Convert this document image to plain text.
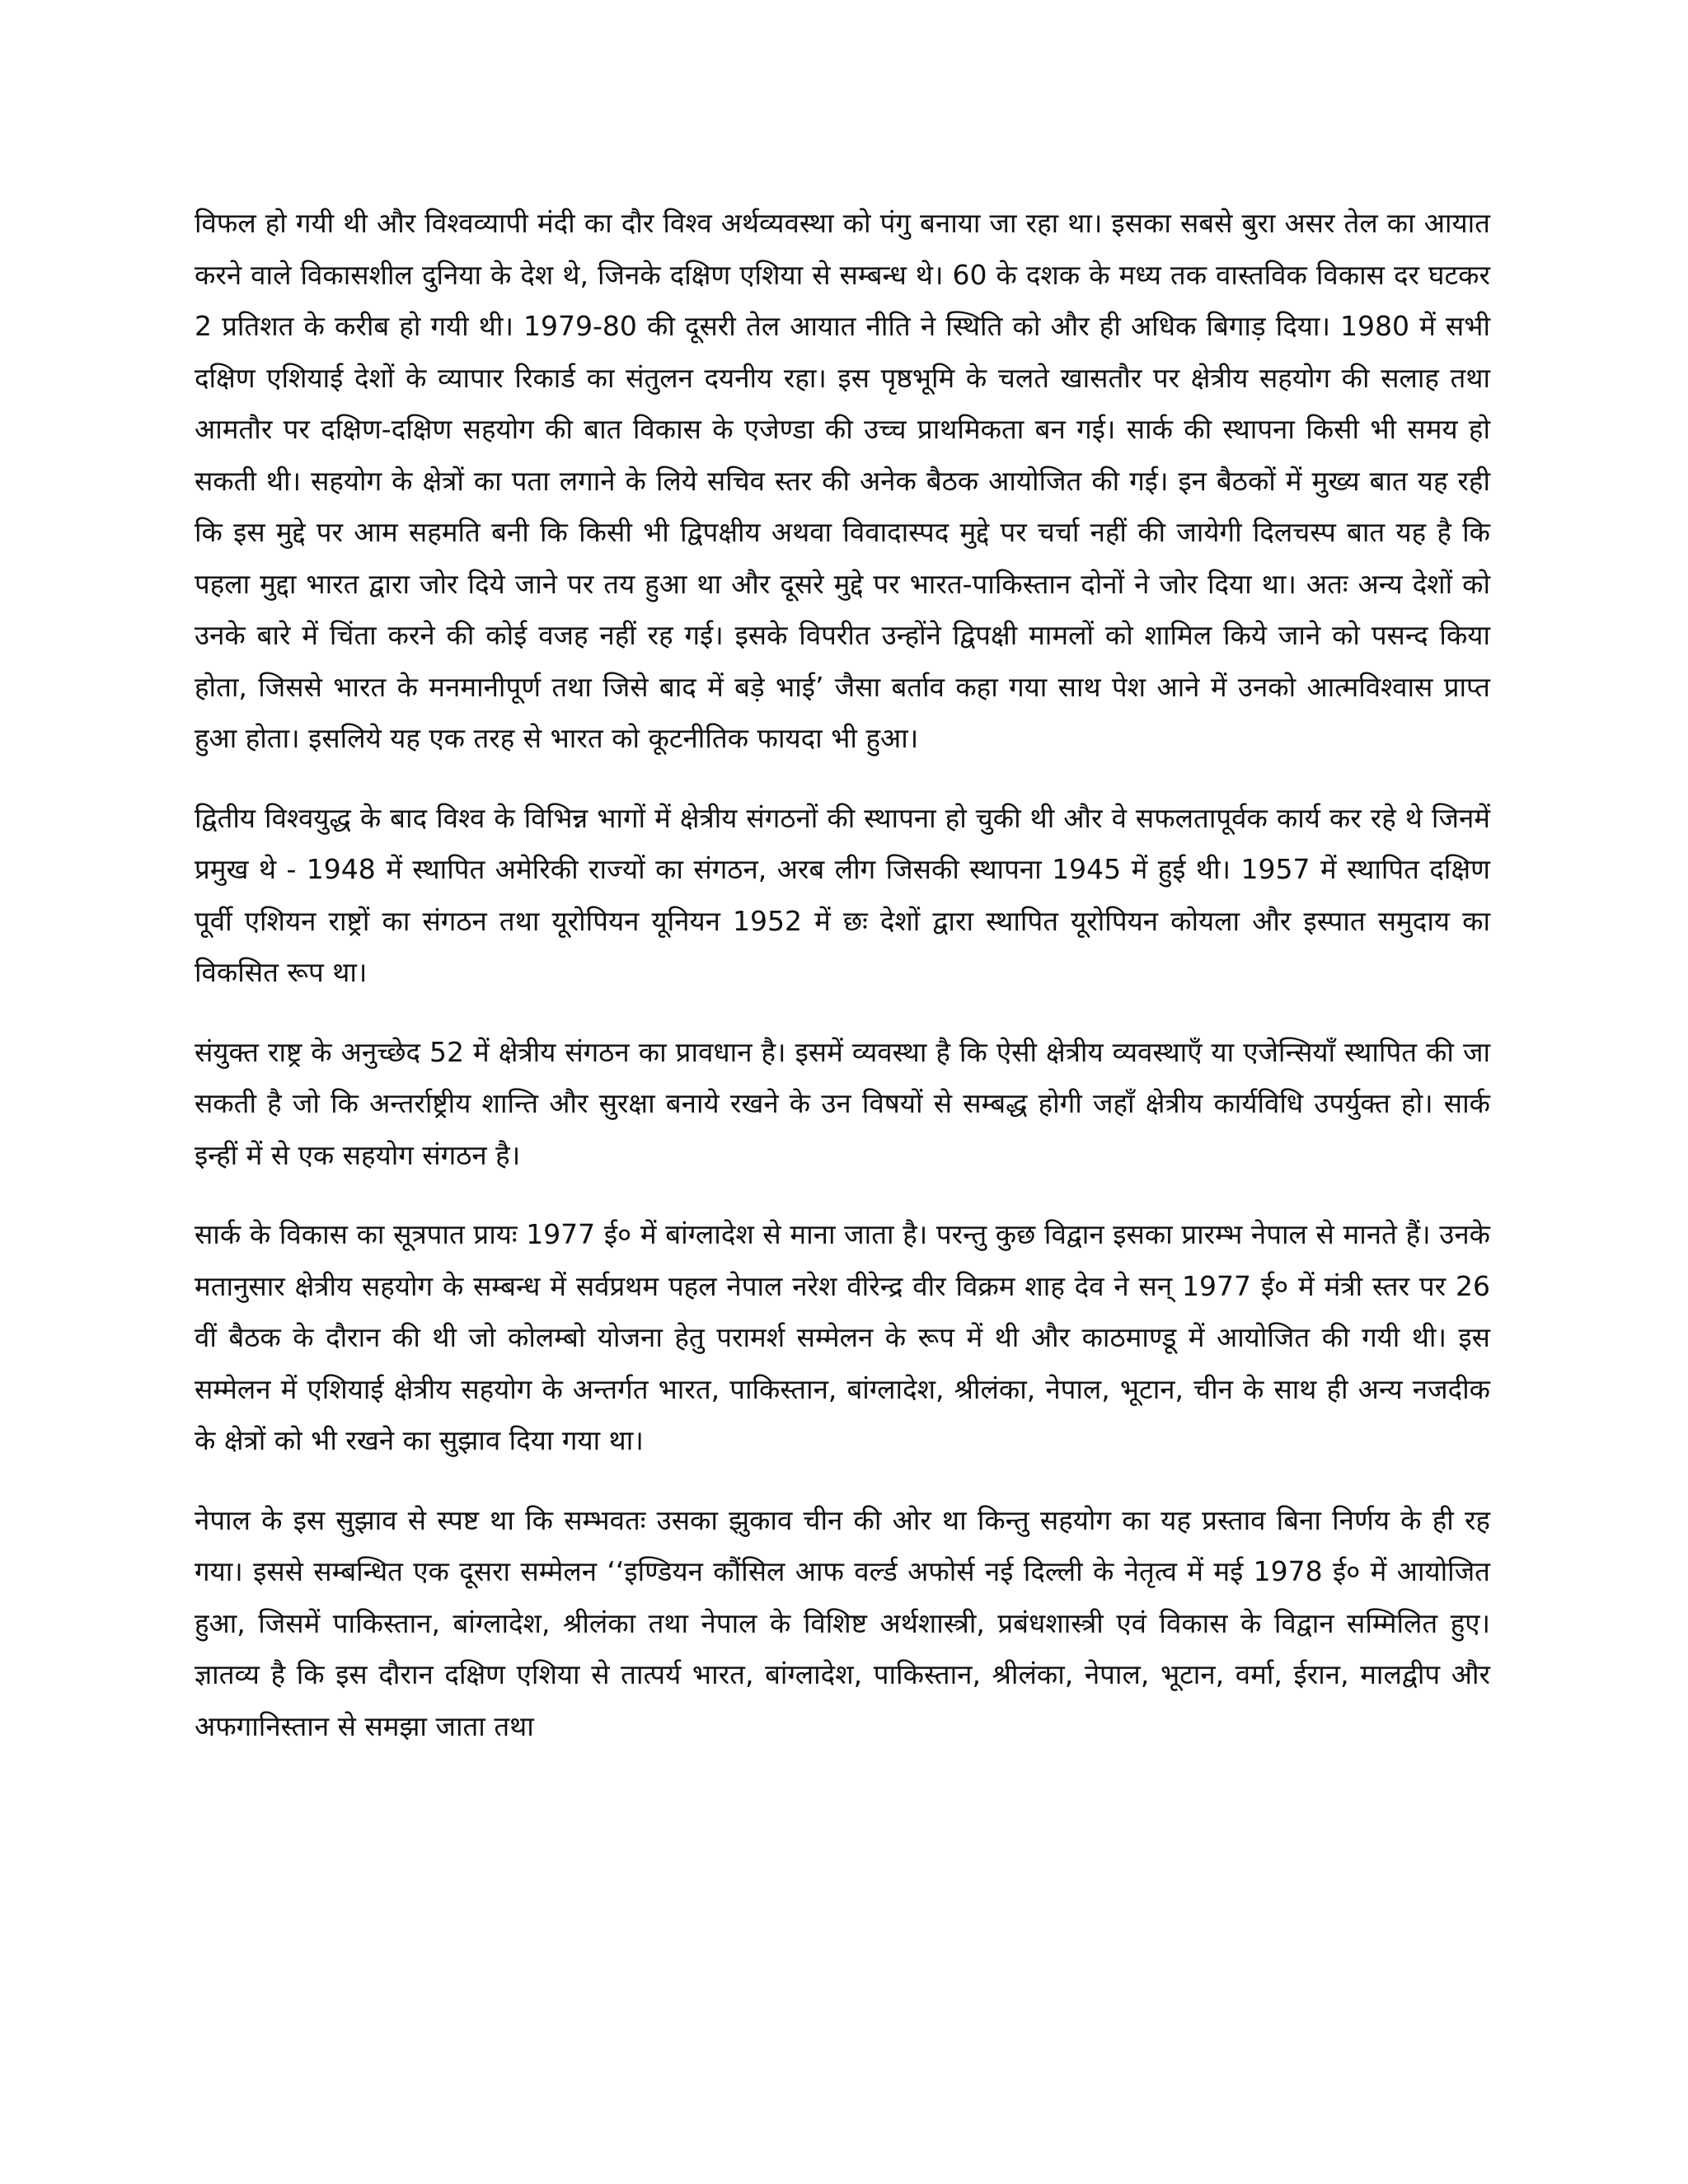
विफल हो गयी थी और विश्वव्यापी मंदी का दौर विश्व अर्थव्यवस्था को पंगु बनाया जा रहा था। इसका सबसे बुरा असर तेल का आयात करने वाले विकासशील दुनिया के देश थे, जिनके दक्षिण एशिया से सम्बन्ध थे। 60 के दशक के मध्य तक वास्तविक विकास दर घटकर 2 प्रतिशत के करीब हो गयी थी। 1979-80 की दूसरी तेल आयात नीति ने स्थिति को और ही अधिक बिगाड़ दिया। 1980 में सभी दक्षिण एशियाई देशों के व्यापार रिकार्ड का संतुलन दयनीय रहा। इस पृष्ठभूमि के चलते खासतौर पर क्षेत्रीय सहयोग की सलाह तथा आमतौर पर दक्षिण-दक्षिण सहयोग की बात विकास के एजेण्डा की उच्च प्राथमिकता बन गई। सार्क की स्थापना किसी भी समय हो सकती थी। सहयोग के क्षेत्रों का पता लगाने के लिये सचिव स्तर की अनेक बैठक आयोजित की गई। इन बैठकों में मुख्य बात यह रही कि इस मुद्दे पर आम सहमति बनी कि किसी भी द्विपक्षीय अथवा विवादास्पद मुद्दे पर चर्चा नहीं की जायेगी दिलचस्प बात यह है कि पहला मुद्दा भारत द्वारा जोर दिये जाने पर तय हुआ था और दूसरे मुद्दे पर भारत-पाकिस्तान दोनों ने जोर दिया था। अतः अन्य देशों को उनके बारे में चिंता करने की कोई वजह नहीं रह गई। इसके विपरीत उन्होंने द्विपक्षी मामलों को शामिल किये जाने को पसन्द किया होता, जिससे भारत के मनमानीपूर्ण तथा जिसे बाद में बड़े भाई’ जैसा बर्ताव कहा गया साथ पेश आने में उनको आत्मविश्वास प्राप्त हुआ होता। इसलिये यह एक तरह से भारत को कूटनीतिक फायदा भी हुआ।

द्वितीय विश्वयुद्ध के बाद विश्व के विभिन्न भागों में क्षेत्रीय संगठनों की स्थापना हो चुकी थी और वे सफलतापूर्वक कार्य कर रहे थे जिनमें प्रमुख थे - 1948 में स्थापित अमेरिकी राज्यों का संगठन, अरब लीग जिसकी स्थापना 1945 में हुई थी। 1957 में स्थापित दक्षिण पूर्वी एशियन राष्ट्रों का संगठन तथा यूरोपियन यूनियन 1952 में छः देशों द्वारा स्थापित यूरोपियन कोयला और इस्पात समुदाय का विकसित रूप था।

संयुक्त राष्ट्र के अनुच्छेद 52 में क्षेत्रीय संगठन का प्रावधान है। इसमें व्यवस्था है कि ऐसी क्षेत्रीय व्यवस्थाएँ या एजेन्सियाँ स्थापित की जा सकती है जो कि अन्तर्राष्ट्रीय शान्ति और सुरक्षा बनाये रखने के उन विषयों से सम्बद्ध होगी जहाँ क्षेत्रीय कार्यविधि उपर्युक्त हो। सार्क इन्हीं में से एक सहयोग संगठन है।

सार्क के विकास का सूत्रपात प्रायः 1977 ई० में बांग्लादेश से माना जाता है। परन्तु कुछ विद्वान इसका प्रारम्भ नेपाल से मानते हैं। उनके मतानुसार क्षेत्रीय सहयोग के सम्बन्ध में सर्वप्रथम पहल नेपाल नरेश वीरेन्द्र वीर विक्रम शाह देव ने सन् 1977 ई० में मंत्री स्तर पर 26 वीं बैठक के दौरान की थी जो कोलम्बो योजना हेतु परामर्श सम्मेलन के रूप में थी और काठमाण्डू में आयोजित की गयी थी। इस सम्मेलन में एशियाई क्षेत्रीय सहयोग के अन्तर्गत भारत, पाकिस्तान, बांग्लादेश, श्रीलंका, नेपाल, भूटान, चीन के साथ ही अन्य नजदीक के क्षेत्रों को भी रखने का सुझाव दिया गया था।

नेपाल के इस सुझाव से स्पष्ट था कि सम्भवतः उसका झुकाव चीन की ओर था किन्तु सहयोग का यह प्रस्ताव बिना निर्णय के ही रह गया। इससे सम्बन्धित एक दूसरा सम्मेलन ‘‘इण्डियन कौंसिल आफ वर्ल्ड अफोर्स नई दिल्ली के नेतृत्व में मई 1978 ई० में आयोजित हुआ, जिसमें पाकिस्तान, बांग्लादेश, श्रीलंका तथा नेपाल के विशिष्ट अर्थशास्त्री, प्रबंधशास्त्री एवं विकास के विद्वान सम्मिलित हुए। ज्ञातव्य है कि इस दौरान दक्षिण एशिया से तात्पर्य भारत, बांग्लादेश, पाकिस्तान, श्रीलंका, नेपाल, भूटान, वर्मा, ईरान, मालद्वीप और अफगानिस्तान से समझा जाता तथा
